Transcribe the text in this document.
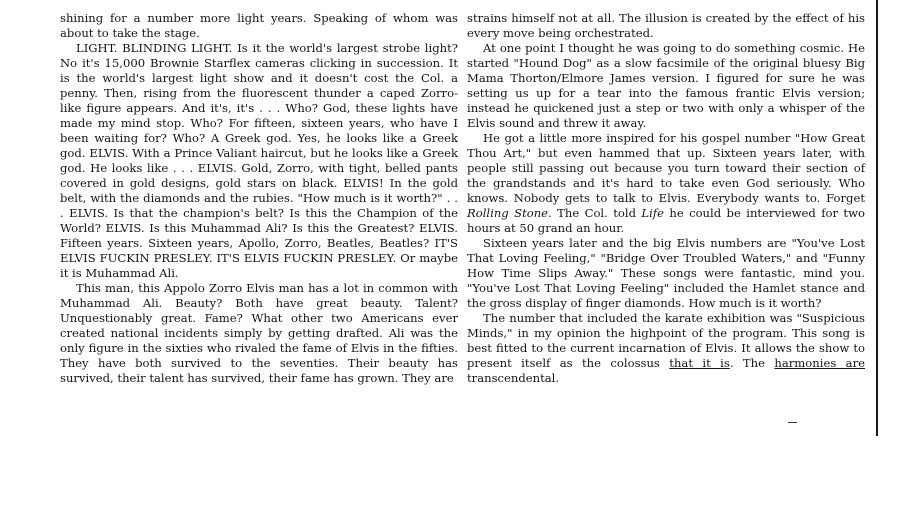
shining for a number more light years. Speaking of whom was about to take the stage.

LIGHT. BLINDING LIGHT. Is it the world's largest strobe light? No it's 15,000 Brownie Starflex cameras clicking in succession. It is the world's largest light show and it doesn't cost the Col. a penny. Then, rising from the fluorescent thunder a caped Zorro-like figure appears. And it's, it's . . . Who? God, these lights have made my mind stop. Who? For fifteen, sixteen years, who have I been waiting for? Who? A Greek god. Yes, he looks like a Greek god. ELVIS. With a Prince Valiant haircut, but he looks like a Greek god. He looks like . . . ELVIS. Gold, Zorro, with tight, belled pants covered in gold designs, gold stars on black. ELVIS! In the gold belt, with the diamonds and the rubies. "How much is it worth?" . . . ELVIS. Is that the champion's belt? Is this the Champion of the World? ELVIS. Is this Muhammad Ali? Is this the Greatest? ELVIS. Fifteen years. Sixteen years, Apollo, Zorro, Beatles, Beatles? IT'S ELVIS FUCKIN PRESLEY. IT'S ELVIS FUCKIN PRESLEY. Or maybe it is Muhammad Ali.

This man, this Appolo Zorro Elvis man has a lot in common with Muhammad Ali. Beauty? Both have great beauty. Talent? Unquestionably great. Fame? What other two Americans ever created national incidents simply by getting drafted. Ali was the only figure in the sixties who rivaled the fame of Elvis in the fifties. They have both survived to the seventies. Their beauty has survived, their talent has survived, their fame has grown. They are

strains himself not at all. The illusion is created by the effect of his every move being orchestrated.

At one point I thought he was going to do something cosmic. He started "Hound Dog" as a slow facsimile of the original bluesy Big Mama Thorton/Elmore James version. I figured for sure he was setting us up for a tear into the famous frantic Elvis version; instead he quickened just a step or two with only a whisper of the Elvis sound and threw it away.

He got a little more inspired for his gospel number "How Great Thou Art," but even hammed that up. Sixteen years later, with people still passing out because you turn toward their section of the grandstands and it's hard to take even God seriously. Who knows. Nobody gets to talk to Elvis. Everybody wants to. Forget Rolling Stone. The Col. told Life he could be interviewed for two hours at 50 grand an hour.

Sixteen years later and the big Elvis numbers are "You've Lost That Loving Feeling," "Bridge Over Troubled Waters," and "Funny How Time Slips Away." These songs were fantastic, mind you. "You've Lost That Loving Feeling" included the Hamlet stance and the gross display of finger diamonds. How much is it worth?

The number that included the karate exhibition was "Suspicious Minds," in my opinion the highpoint of the program. This song is best fitted to the current incarnation of Elvis. It allows the show to present itself as the colossus that it is. The harmonies are transcendental.
